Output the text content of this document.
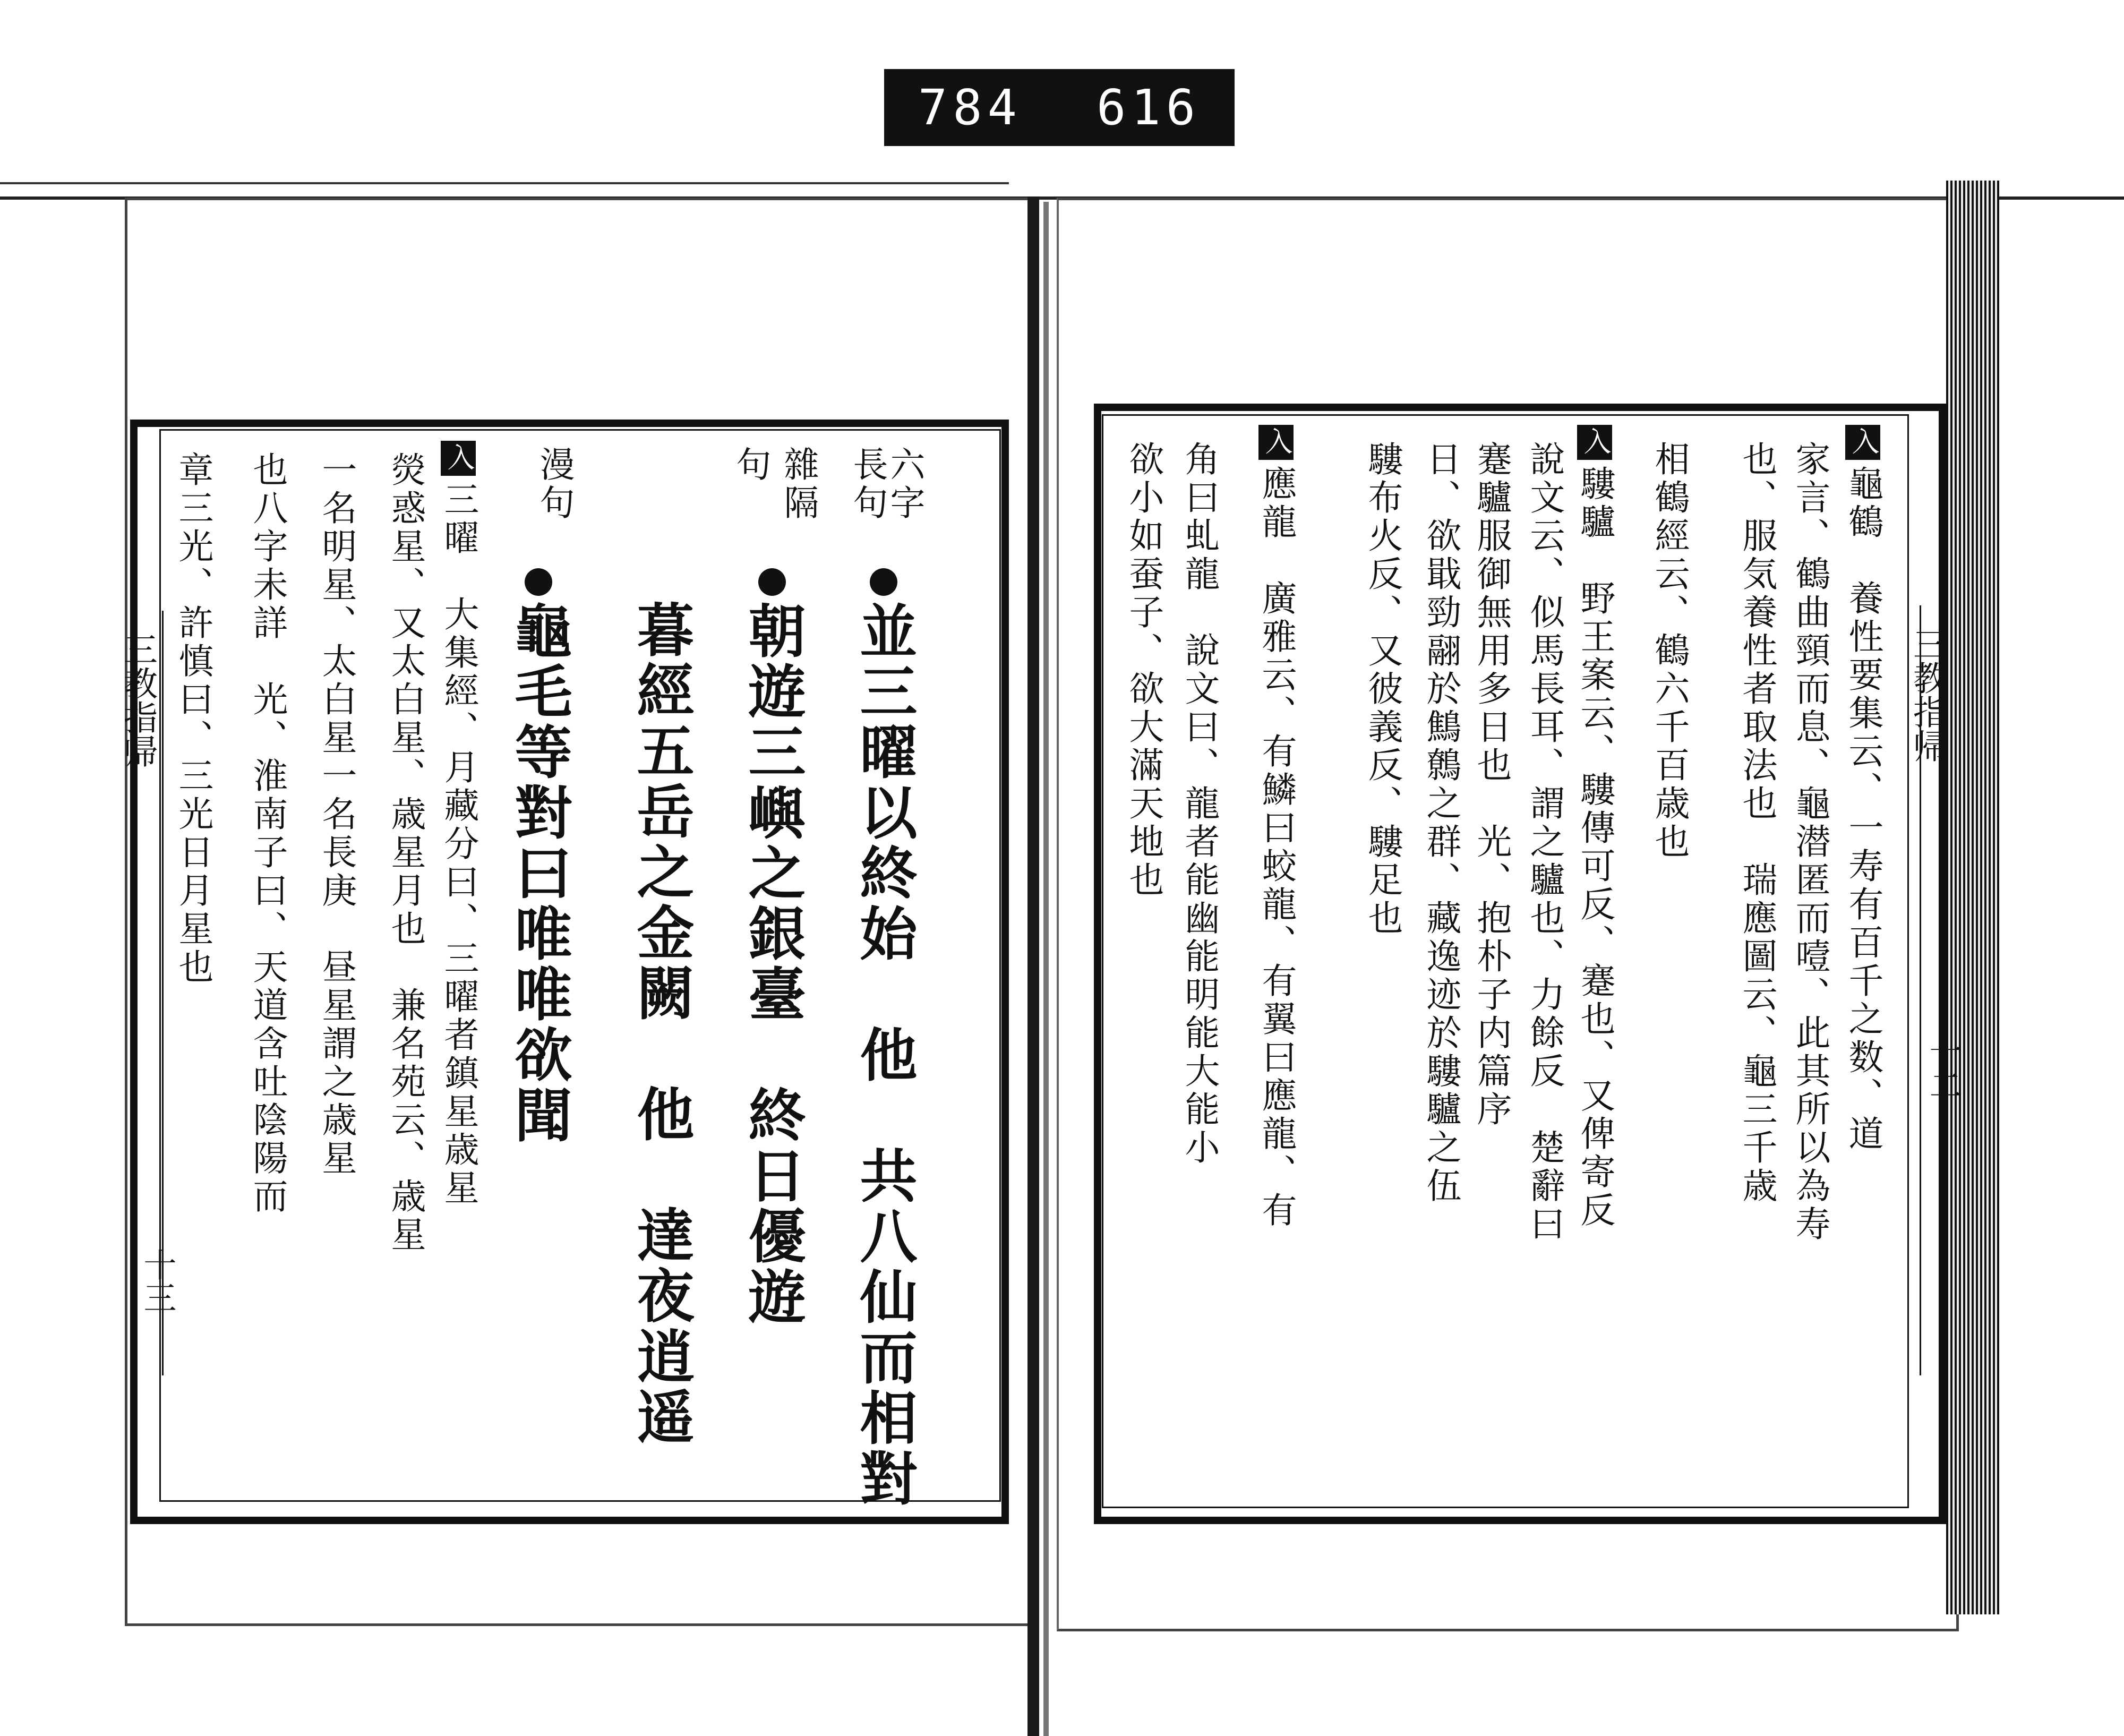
784 616
三教指帰
十三
三教指帰
十二
入龜鶴　養性要集云、一寿有百千之数、道
家言、鶴曲頸而息、龜潜匿而噎、此其所以為寿
也、服気養性者取法也　瑞應圖云、龜三千歳
相鶴經云、鶴六千百歳也
入䮫驢　野王案云、䮫傳可反、蹇也、又俾寄反
說文云、似馬長耳、謂之驢也、力餘反　楚辭曰
蹇驢服御無用多日也　光、抱朴子内篇序
日、欲戢勁翮於鷦鷯之群、藏逸迹於䮫驢之伍
䮫布火反、又彼義反、䮫足也
入應龍　廣雅云、有鱗曰蛟龍、有翼曰應龍、有
角曰虬龍　說文曰、龍者能幽能明能大能小
欲小如蚕子、欲大滿天地也
六字
長句
雜隔
句
漫句
並三曜以終始　他　共八仙而相對
朝遊三嶼之銀臺　終日優遊
暮經五岳之金闕　他　達夜逍遥
龜毛等對曰唯唯欲聞
入三曜　大集經、月藏分曰、三曜者鎮星歳星
熒惑星、又太白星、歳星月也　兼名苑云、歳星
一名明星、太白星一名長庚　昼星謂之歳星
也八字未詳　光、淮南子曰、天道含吐陰陽而
章三光、許慎曰、三光日月星也
